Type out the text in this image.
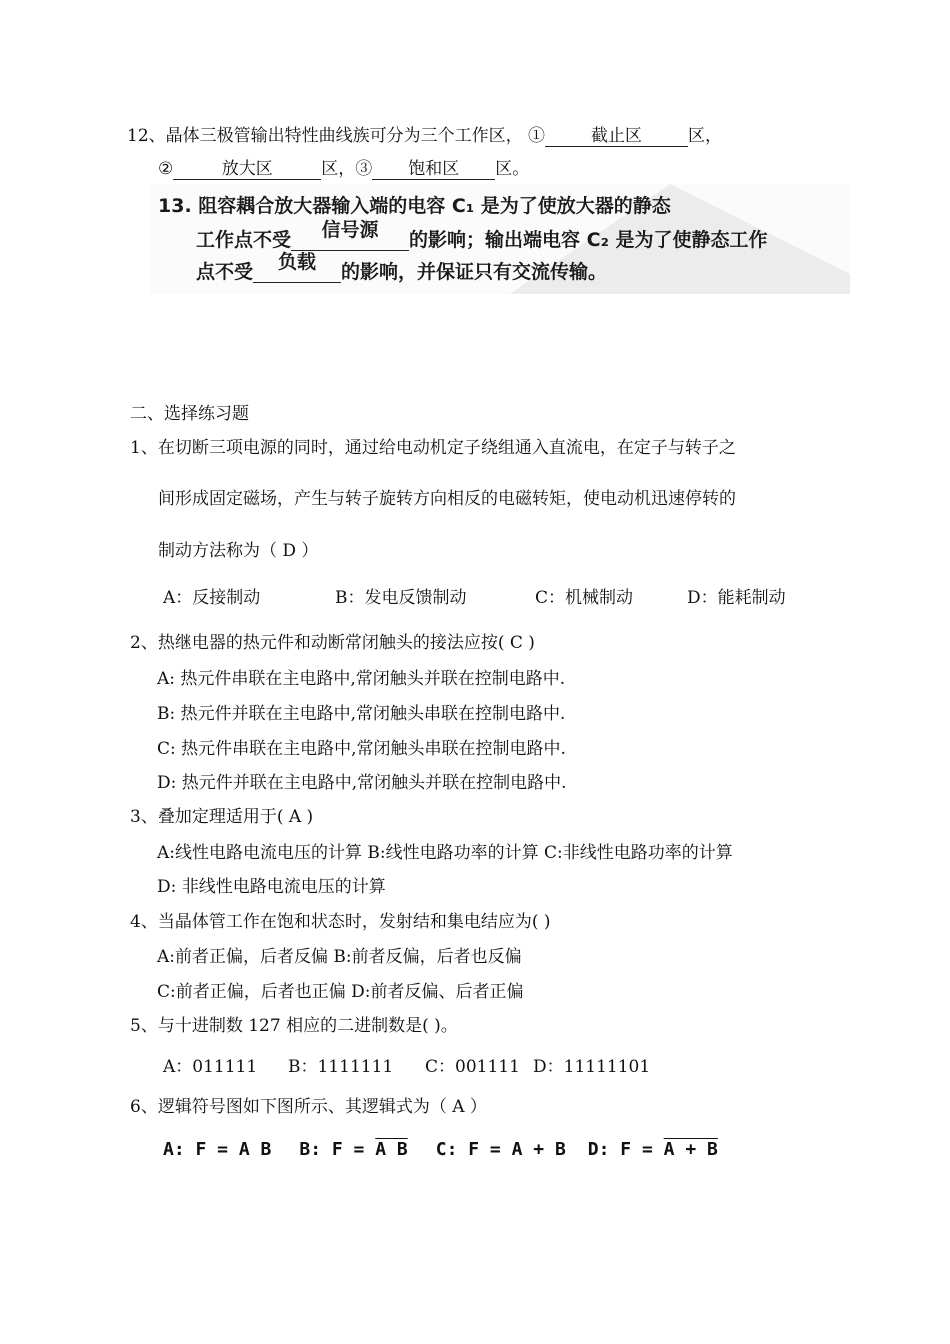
12、晶体三极管输出特性曲线族可分为三个工作区， ①	截止区	区，
②	放大区	区，③ 饱和区 区。
13. 阻容耦合放大器输入端的电容 C₁ 是为了使放大器的静态
工作点不受 信号源 的影响；输出端电容 C₂ 是为了使静态工作
点不受 负载 的影响，并保证只有交流传输。
二、选择练习题
1、在切断三项电源的同时，通过给电动机定子绕组通入直流电，在定子与转子之
间形成固定磁场，产生与转子旋转方向相反的电磁转矩，使电动机迅速停转的
制动方法称为（ D ）
A：反接制动	B：发电反馈制动	C：机械制动	D：能耗制动
2、热继电器的热元件和动断常闭触头的接法应按( C )
A: 热元件串联在主电路中,常闭触头并联在控制电路中.
B: 热元件并联在主电路中,常闭触头串联在控制电路中.
C: 热元件串联在主电路中,常闭触头串联在控制电路中.
D: 热元件并联在主电路中,常闭触头并联在控制电路中.
3、叠加定理适用于( A )
A:线性电路电流电压的计算 B:线性电路功率的计算 C:非线性电路功率的计算
D: 非线性电路电流电压的计算
4、当晶体管工作在饱和状态时，发射结和集电结应为( )
A:前者正偏，后者反偏 B:前者反偏，后者也反偏
C:前者正偏，后者也正偏 D:前者反偏、后者正偏
5、与十进制数 127 相应的二进制数是( )。
A：011111 B：1111111 C：001111 D：11111101
6、逻辑符号图如下图所示、其逻辑式为（ A ）
A: F = A B B: F = A B C: F = A + B D: F = A + B
